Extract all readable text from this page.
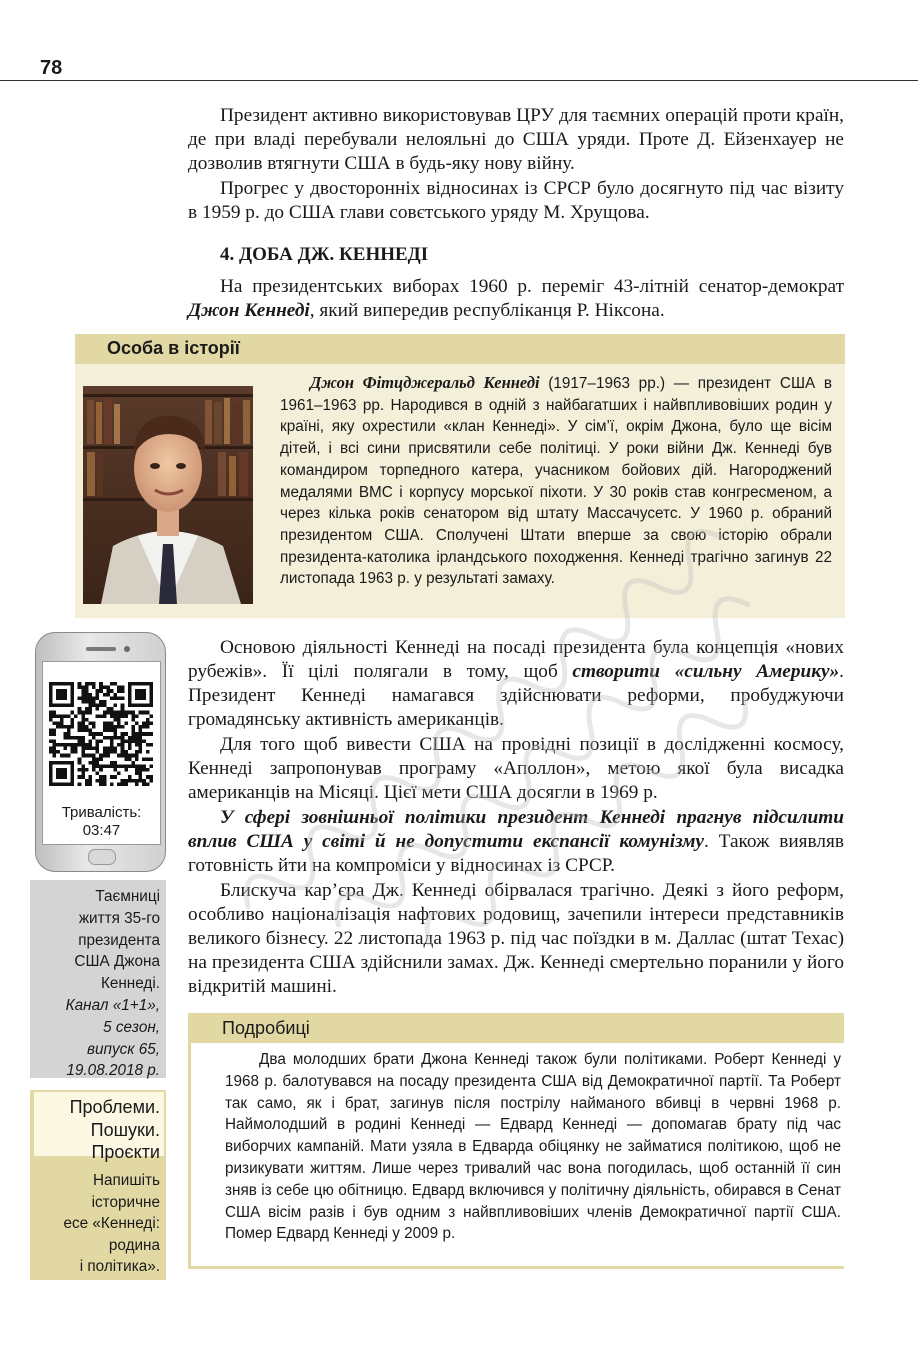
78

Президент активно використовував ЦРУ для таємних операцій проти країн, де при владі перебували нелояльні до США уряди. Проте Д. Ейзенхауер не дозволив втягнути США в будь-яку нову війну.

Прогрес у двосторонніх відносинах із СРСР було досягнуто під час візиту в 1959 р. до США глави совєтського уряду М. Хрущова.

4. ДОБА ДЖ. КЕННЕДІ

На президентських виборах 1960 р. переміг 43-літній сенатор-демократ Джон Кеннеді, який випередив республіканця Р. Ніксона.

Особа в історії

Джон Фітцджеральд Кеннеді (1917–1963 рр.) — президент США в 1961–1963 рр. Народився в одній з найбагатших і найвпливовіших родин у країні, яку охрестили «клан Кеннеді». У сім’ї, окрім Джона, було ще вісім дітей, і всі сини присвятили себе політиці. У роки війни Дж. Кеннеді був командиром торпедного катера, учасником бойових дій. Нагороджений медалями ВМС і корпусу морської піхоти. У 30 років став конгресменом, а через кілька років сенатором від штату Массачусетс. У 1960 р. обраний президентом США. Сполучені Штати вперше за свою історію обрали президента-католика ірландського походження. Кеннеді трагічно загинув 22 листопада 1963 р. у результаті замаху.

Тривалість:
03:47

Основою діяльності Кеннеді на посаді президента була концепція «нових рубежів». Її цілі полягали в тому, щоб створити «сильну Америку». Президент Кеннеді намагався здійснювати реформи, пробуджуючи громадянську активність американців.

Для того щоб вивести США на провідні позиції в дослідженні космосу, Кеннеді запропонував програму «Аполлон», метою якої була висадка американців на Місяці. Цієї мети США досягли в 1969 р.

У сфері зовнішньої політики президент Кеннеді прагнув підсилити вплив США у світі й не допустити експансії комунізму. Також виявляв готовність йти на компроміси у відносинах із СРСР.

Блискуча кар’єра Дж. Кеннеді обірвалася трагічно. Деякі з його реформ, особливо націоналізація нафтових родовищ, зачепили інтереси представників великого бізнесу. 22 листопада 1963 р. під час поїздки в м. Даллас (штат Техас) на президента США здійснили замах. Дж. Кеннеді смертельно поранили у його відкритій машині.

Таємниці
життя 35-го
президента
США Джона
Кеннеді.
Канал «1+1»,
5 сезон,
випуск 65,
19.08.2018 р.

Проблеми.
Пошуки.
Проєкти

Напишіть
історичне
есе «Кеннеді:
родина
і політика».

Подробиці

Два молодших брати Джона Кеннеді також були політиками. Роберт Кеннеді у 1968 р. балотувався на посаду президента США від Демократичної партії. Та Роберт так само, як і брат, загинув після пострілу найманого вбивці в червні 1968 р. Наймолодший в родині Кеннеді — Едвард Кеннеді — допомагав брату під час виборчих кампаній. Мати узяла в Едварда обіцянку не займатися політикою, щоб не ризикувати життям. Лише через тривалий час вона погодилась, щоб останній її син зняв із себе цю обітницю. Едвард включився у політичну діяльність, обирався в Сенат США вісім разів і був одним з найвпливовіших членів Демократичної партії США. Помер Едвард Кеннеді у 2009 р.
